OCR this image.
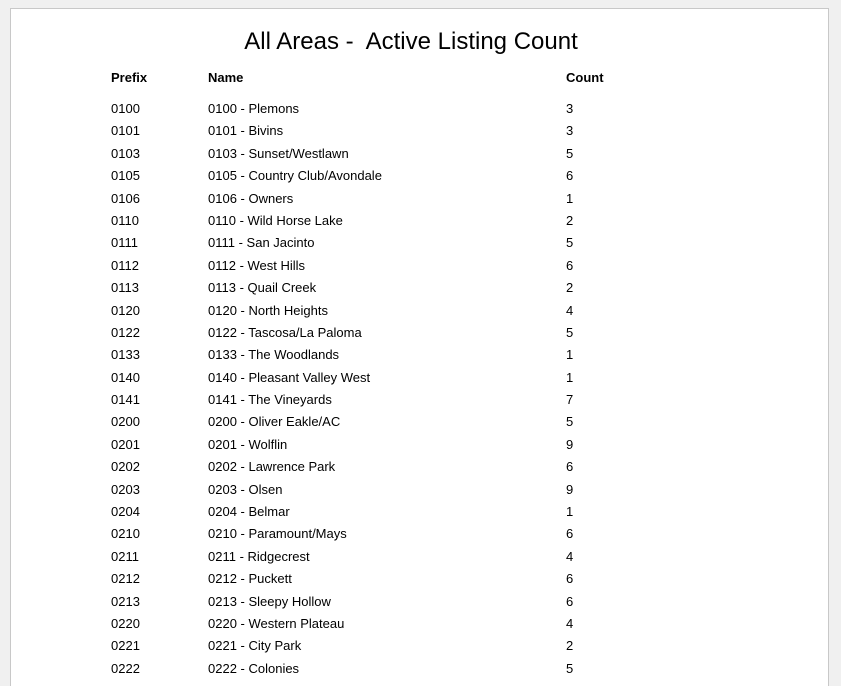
All Areas -  Active Listing Count
Prefix	Name	Count
0100	0100 - Plemons	3
0101	0101 - Bivins	3
0103	0103 - Sunset/Westlawn	5
0105	0105 - Country Club/Avondale	6
0106	0106 - Owners	1
0110	0110 - Wild Horse Lake	2
0111	0111 - San Jacinto	5
0112	0112 - West Hills	6
0113	0113 - Quail Creek	2
0120	0120 - North Heights	4
0122	0122 - Tascosa/La Paloma	5
0133	0133 - The Woodlands	1
0140	0140 - Pleasant Valley West	1
0141	0141 - The Vineyards	7
0200	0200 - Oliver Eakle/AC	5
0201	0201 - Wolflin	9
0202	0202 - Lawrence Park	6
0203	0203 - Olsen	9
0204	0204 - Belmar	1
0210	0210 - Paramount/Mays	6
0211	0211 - Ridgecrest	4
0212	0212 - Puckett	6
0213	0213 - Sleepy Hollow	6
0220	0220 - Western Plateau	4
0221	0221 - City Park	2
0222	0222 - Colonies	5
